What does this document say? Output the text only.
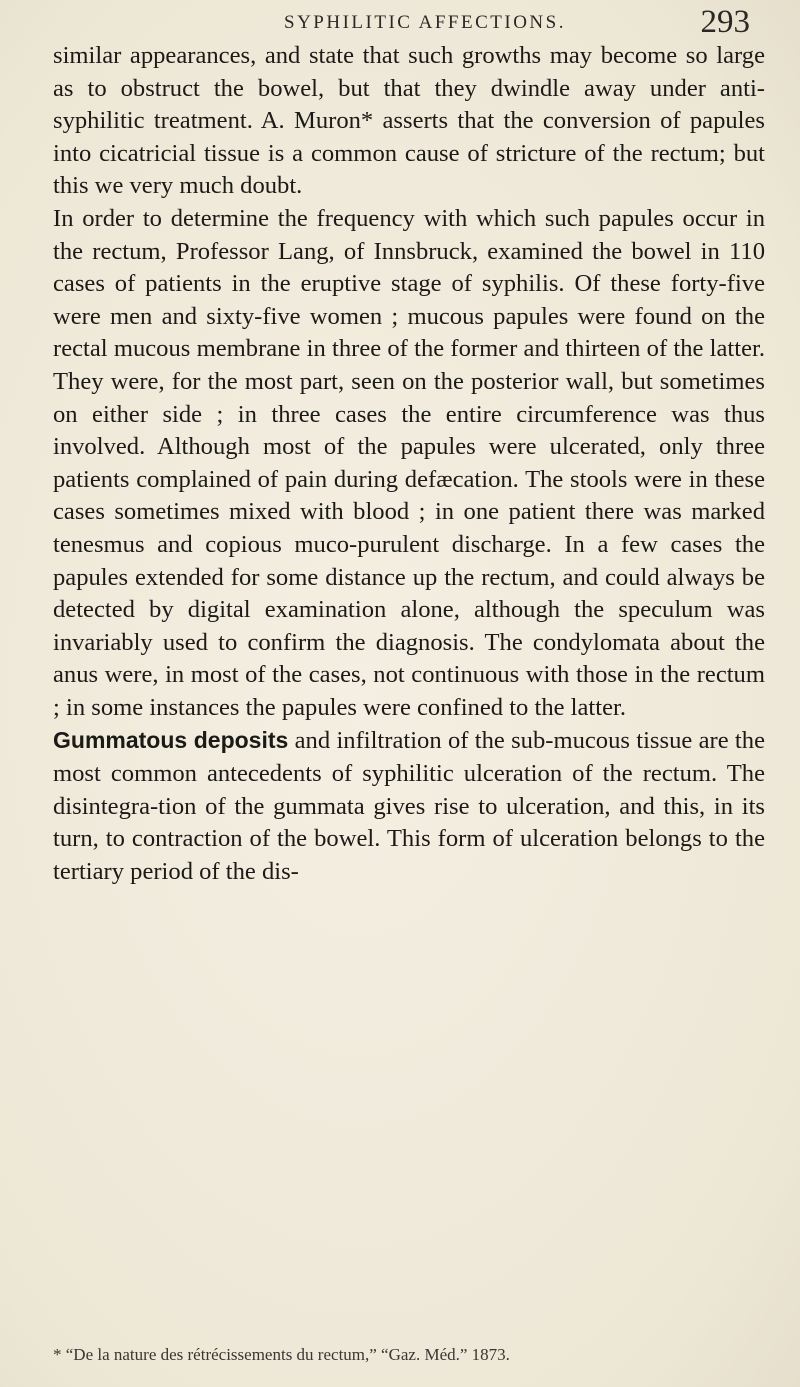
SYPHILITIC AFFECTIONS.	293

similar appearances, and state that such growths may become so large as to obstruct the bowel, but that they dwindle away under anti-syphilitic treatment. A. Muron* asserts that the conversion of papules into cicatricial tissue is a common cause of stricture of the rectum; but this we very much doubt.

In order to determine the frequency with which such papules occur in the rectum, Professor Lang, of Innsbruck, examined the bowel in 110 cases of patients in the eruptive stage of syphilis. Of these forty-five were men and sixty-five women ; mucous papules were found on the rectal mucous membrane in three of the former and thirteen of the latter. They were, for the most part, seen on the posterior wall, but sometimes on either side ; in three cases the entire circumference was thus involved. Although most of the papules were ulcerated, only three patients complained of pain during defæcation. The stools were in these cases sometimes mixed with blood ; in one patient there was marked tenesmus and copious muco-purulent discharge. In a few cases the papules extended for some distance up the rectum, and could always be detected by digital examination alone, although the speculum was invariably used to confirm the diagnosis. The condylomata about the anus were, in most of the cases, not continuous with those in the rectum ; in some instances the papules were confined to the latter.

Gummatous deposits and infiltration of the sub-mucous tissue are the most common antecedents of syphilitic ulceration of the rectum. The disintegra-tion of the gummata gives rise to ulceration, and this, in its turn, to contraction of the bowel. This form of ulceration belongs to the tertiary period of the dis-

* “De la nature des rétrécissements du rectum,” “Gaz. Méd.” 1873.
